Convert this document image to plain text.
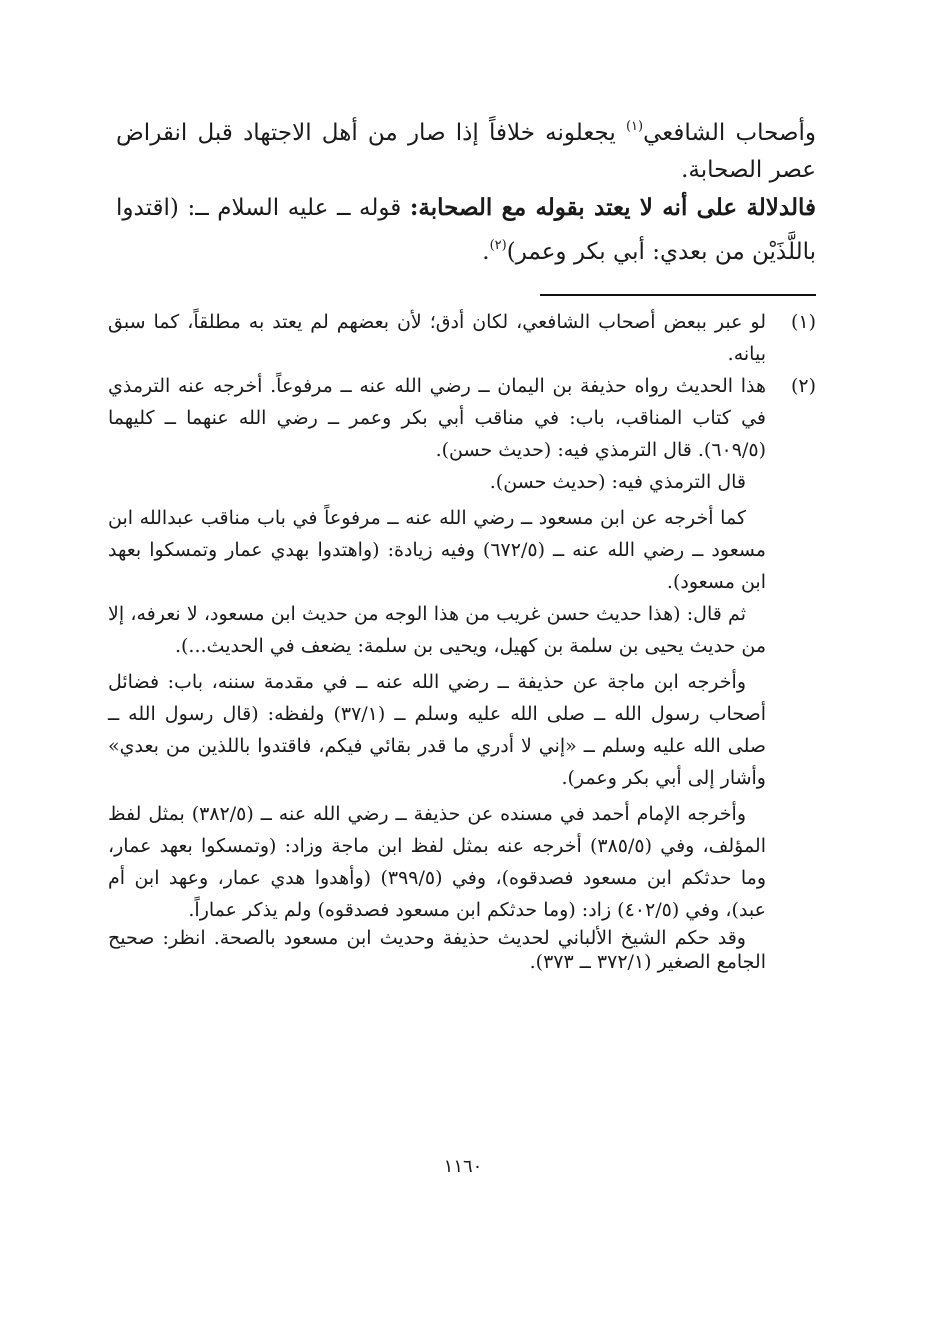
وأصحاب الشافعي$^{(١)}$ يجعلونه خلافاً إذا صار من أهل الاجتهاد قبل انقراض عصر الصحابة.

فالدلالة على أنه لا يعتد بقوله مع الصحابة: قوله ــ عليه السلام ــ: (اقتدوا باللَّذَيْن من بعدي: أبي بكر وعمر)$^{(٢)}$.

(١)

لو عبر ببعض أصحاب الشافعي، لكان أدق؛ لأن بعضهم لم يعتد به مطلقاً، كما سبق بيانه.

(٢)

هذا الحديث رواه حذيفة بن اليمان ــ رضي الله عنه ــ مرفوعاً. أخرجه عنه الترمذي في كتاب المناقب، باب: في مناقب أبي بكر وعمر ــ رضي الله عنهما ــ كليهما (٦٠٩/٥). قال الترمذي فيه: (حديث حسن).

قال الترمذي فيه: (حديث حسن).

كما أخرجه عن ابن مسعود ــ رضي الله عنه ــ مرفوعاً في باب مناقب عبدالله ابن مسعود ــ رضي الله عنه ــ (٦٧٢/٥) وفيه زيادة: (واهتدوا بهدي عمار وتمسكوا بعهد ابن مسعود).

ثم قال: (هذا حديث حسن غريب من هذا الوجه من حديث ابن مسعود، لا نعرفه، إلا من حديث يحيى بن سلمة بن كهيل، ويحيى بن سلمة: يضعف في الحديث...).

وأخرجه ابن ماجة عن حذيفة ــ رضي الله عنه ــ في مقدمة سننه، باب: فضائل أصحاب رسول الله ــ صلى الله عليه وسلم ــ (٣٧/١) ولفظه: (قال رسول الله ــ صلى الله عليه وسلم ــ «إني لا أدري ما قدر بقائي فيكم، فاقتدوا باللذين من بعدي» وأشار إلى أبي بكر وعمر).

وأخرجه الإمام أحمد في مسنده عن حذيفة ــ رضي الله عنه ــ (٣٨٢/٥) بمثل لفظ المؤلف، وفي (٣٨٥/٥) أخرجه عنه بمثل لفظ ابن ماجة وزاد: (وتمسكوا بعهد عمار، وما حدثكم ابن مسعود فصدقوه)، وفي (٣٩٩/٥) (وأهدوا هدي عمار، وعهد ابن أم عبد)، وفي (٤٠٢/٥) زاد: (وما حدثكم ابن مسعود فصدقوه) ولم يذكر عماراً.

وقد حكم الشيخ الألباني لحديث حذيفة وحديث ابن مسعود بالصحة. انظر: صحيح الجامع الصغير (٣٧٢/١ ــ ٣٧٣).

١١٦٠
